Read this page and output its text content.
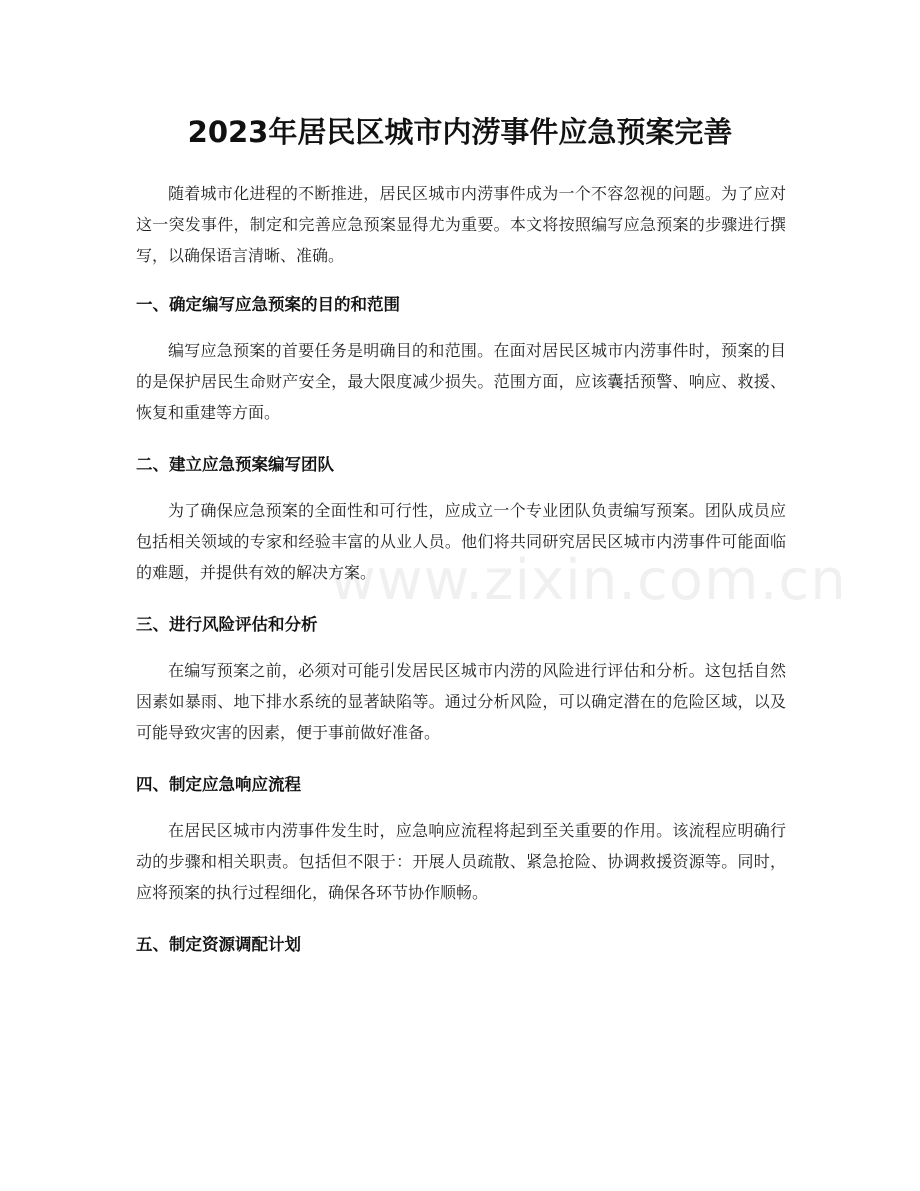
2023年居民区城市内涝事件应急预案完善
www.zixin.com.cn

随着城市化进程的不断推进，居民区城市内涝事件成为一个不容忽视的问题。为了应对这一突发事件，制定和完善应急预案显得尤为重要。本文将按照编写应急预案的步骤进行撰写，以确保语言清晰、准确。

一、确定编写应急预案的目的和范围

编写应急预案的首要任务是明确目的和范围。在面对居民区城市内涝事件时，预案的目的是保护居民生命财产安全，最大限度减少损失。范围方面，应该囊括预警、响应、救援、恢复和重建等方面。

二、建立应急预案编写团队

为了确保应急预案的全面性和可行性，应成立一个专业团队负责编写预案。团队成员应包括相关领域的专家和经验丰富的从业人员。他们将共同研究居民区城市内涝事件可能面临的难题，并提供有效的解决方案。

三、进行风险评估和分析

在编写预案之前，必须对可能引发居民区城市内涝的风险进行评估和分析。这包括自然因素如暴雨、地下排水系统的显著缺陷等。通过分析风险，可以确定潜在的危险区域，以及可能导致灾害的因素，便于事前做好准备。

四、制定应急响应流程

在居民区城市内涝事件发生时，应急响应流程将起到至关重要的作用。该流程应明确行动的步骤和相关职责。包括但不限于：开展人员疏散、紧急抢险、协调救援资源等。同时，应将预案的执行过程细化，确保各环节协作顺畅。

五、制定资源调配计划
